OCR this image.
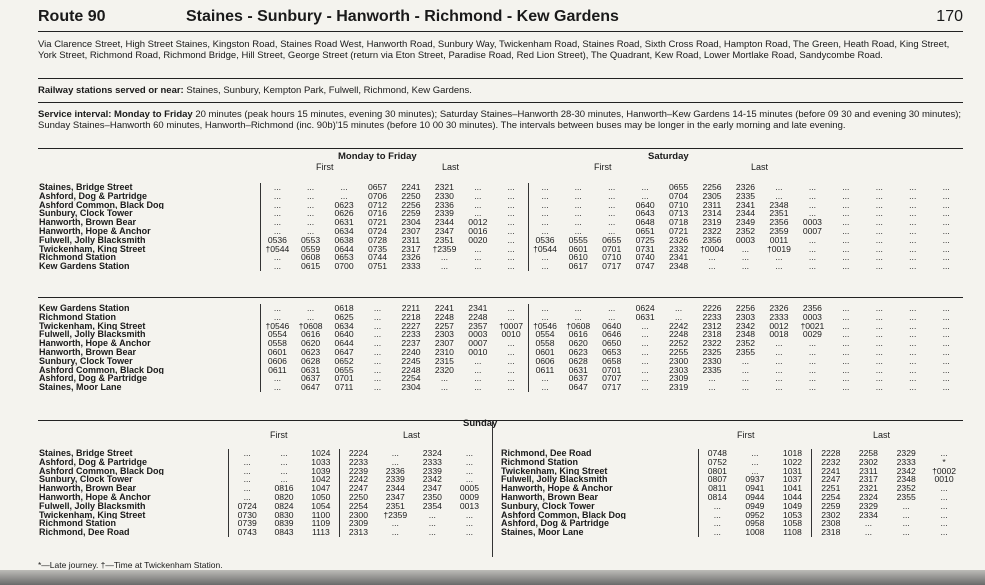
Route 90	Staines - Sunbury - Hanworth - Richmond - Kew Gardens	170

Via Clarence Street, High Street Staines, Kingston Road, Staines Road West, Hanworth Road, Sunbury Way, Twickenham Road, Staines Road, Sixth Cross Road, Hampton Road, The Green, Heath Road, King Street, York Street, Richmond Road, Richmond Bridge, Hill Street, George Street (return via Eton Street, Paradise Road, Red Lion Street), The Quadrant, Kew Road, Lower Mortlake Road, Sandycombe Road.

Railway stations served or near: Staines, Sunbury, Kempton Park, Fulwell, Richmond, Kew Gardens.

Service interval: Monday to Friday 20 minutes (peak hours 15 minutes, evening 30 minutes); Saturday Staines–Hanworth 28-30 minutes, Hanworth–Kew Gardens 14-15 minutes (before 09 30 and evening 30 minutes); Sunday Staines–Hanworth 60 minutes, Hanworth–Richmond (inc. 90b)'15 minutes (before 10 00 30 minutes). The intervals between buses may be longer in the early morning and late evening.

Monday to Friday	Saturday
First	Last	First	Last
Staines, Bridge Street	...	...	...	0657	2241	2321	...	...	...	...	...	...	0655	2256	2326	...	...	...	...	...	...
Ashford, Dog & Partridge	...	...	...	0706	2250	2330	...	...	...	...	...	...	0704	2305	2335	...	...	...	...	...	...
Ashford Common, Black Dog	...	...	0623	0712	2256	2336	...	...	...	...	...	0640	0710	2311	2341	2348	...	...	...	...	...
Sunbury, Clock Tower	...	...	0626	0716	2259	2339	...	...	...	...	...	0643	0713	2314	2344	2351	...	...	...	...	...
Hanworth, Brown Bear	...	...	0631	0721	2304	2344	0012	...	...	...	...	0648	0718	2319	2349	2356	0003	...	...	...	...
Hanworth, Hope & Anchor	...	...	0634	0724	2307	2347	0016	...	...	...	...	0651	0721	2322	2352	2359	0007	...	...	...	...
Fulwell, Jolly Blacksmith	0536	0553	0638	0728	2311	2351	0020	...	0536	0555	0655	0725	2326	2356	0003	0011	...	...	...	...	...
Twickenham, King Street	†0544	0559	0644	0735	2317	†2359	...	...	†0544	0601	0701	0731	2332	†0004	...	†0019	...	...	...	...	...
Richmond Station	...	0608	0653	0744	2326	...	...	...	...	0610	0710	0740	2341	...	...	...	...	...	...	...	...
Kew Gardens Station	...	0615	0700	0751	2333	...	...	...	...	0617	0717	0747	2348	...	...	...	...	...	...	...	...
Kew Gardens Station	...	...	0618	...	2211	2241	2341	...	...	...	...	0624	...	2226	2256	2326	2356	...	...	...	...
Richmond Station	...	...	0625	...	2218	2248	2248	...	...	...	...	0631	...	2233	2303	2333	0003	...	...	...	...
Twickenham, King Street	†0546	†0608	0634	...	2227	2257	2357	†0007	†0546	†0608	0640	...	2242	2312	2342	0012	†0021	...	...	...	...
Fulwell, Jolly Blacksmith	0554	0616	0640	...	2233	2303	0003	0010	0554	0616	0646	...	2248	2318	2348	0018	0029	...	...	...	...
Hanworth, Hope & Anchor	0558	0620	0644	...	2237	2307	0007	...	0558	0620	0650	...	2252	2322	2352	...	...	...	...	...	...
Hanworth, Brown Bear	0601	0623	0647	...	2240	2310	0010	...	0601	0623	0653	...	2255	2325	2355	...	...	...	...	...	...
Sunbury, Clock Tower	0606	0628	0652	...	2245	2315	...	...	0606	0628	0658	...	2300	2330	...	...	...	...	...	...	...
Ashford Common, Black Dog	0611	0631	0655	...	2248	2320	...	...	0611	0631	0701	...	2303	2335	...	...	...	...	...	...	...
Ashford, Dog & Partridge	...	0637	0701	...	2254	...	...	...	...	0637	0707	...	2309	...	...	...	...	...	...	...	...
Staines, Moor Lane	...	0647	0711	...	2304	...	...	...	...	0647	0717	...	2319	...	...	...	...	...	...	...	...
Sunday
First	Last	First	Last
Staines, Bridge Street	...	...	1024	2224	...	2324	...
Ashford, Dog & Partridge	...	...	1033	2233	...	2333	...
Ashford Common, Black Dog	...	...	1039	2239	2336	2339	...
Sunbury, Clock Tower	...	...	1042	2242	2339	2342	...
Hanworth, Brown Bear	...	0816	1047	2247	2344	2347	0005
Hanworth, Hope & Anchor	...	0820	1050	2250	2347	2350	0009
Fulwell, Jolly Blacksmith	0724	0824	1054	2254	2351	2354	0013
Twickenham, King Street	0730	0830	1100	2300	†2359	...	...
Richmond Station	0739	0839	1109	2309	...	...	...
Richmond, Dee Road	0743	0843	1113	2313	...	...	...
Richmond, Dee Road	0748	...	1018	2228	2258	2329	...
Richmond Station	0752	...	1022	2232	2302	2333	*
Twickenham, King Street	0801	...	1031	2241	2311	2342	†0002
Fulwell, Jolly Blacksmith	0807	0937	1037	2247	2317	2348	0010
Hanworth, Hope & Anchor	0811	0941	1041	2251	2321	2352	...
Hanworth, Brown Bear	0814	0944	1044	2254	2324	2355	...
Sunbury, Clock Tower	...	0949	1049	2259	2329	...	...
Ashford Common, Black Dog	...	0952	1053	2302	2334	...	...
Ashford, Dog & Partridge	...	0958	1058	2308	...	...	...
Staines, Moor Lane	...	1008	1108	2318	...	...	...
*—Late journey. †—Time at Twickenham Station.
